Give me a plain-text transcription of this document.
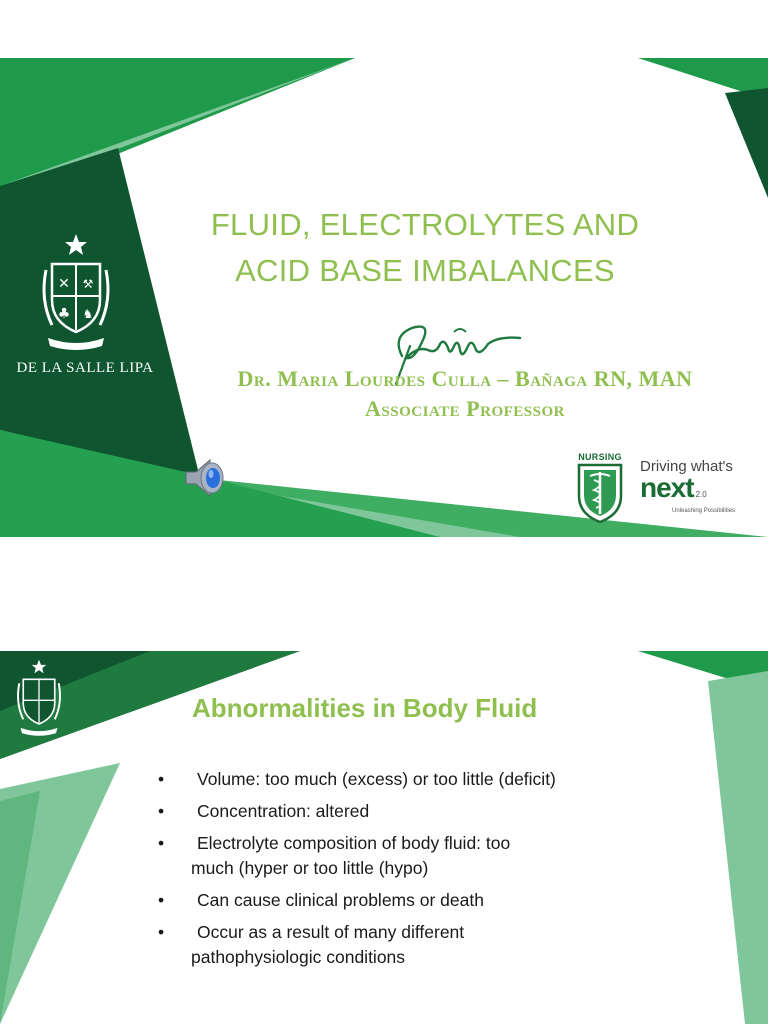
✕ ⚒
♣ ♞
DE LA SALLE LIPA
FLUID, ELECTROLYTES AND
ACID BASE IMBALANCES
Dr. Maria Lourdes Culla – Bañaga RN, MAN
Associate Professor
NURSING
Driving what's
next 2.0
Unleashing Possibilities
Abnormalities in Body Fluid
• Volume: too much (excess) or too little (deficit)
• Concentration: altered
• Electrolyte composition of body fluid: too
much (hyper or too little (hypo)
• Can cause clinical problems or death
• Occur as a result of many different
pathophysiologic conditions
